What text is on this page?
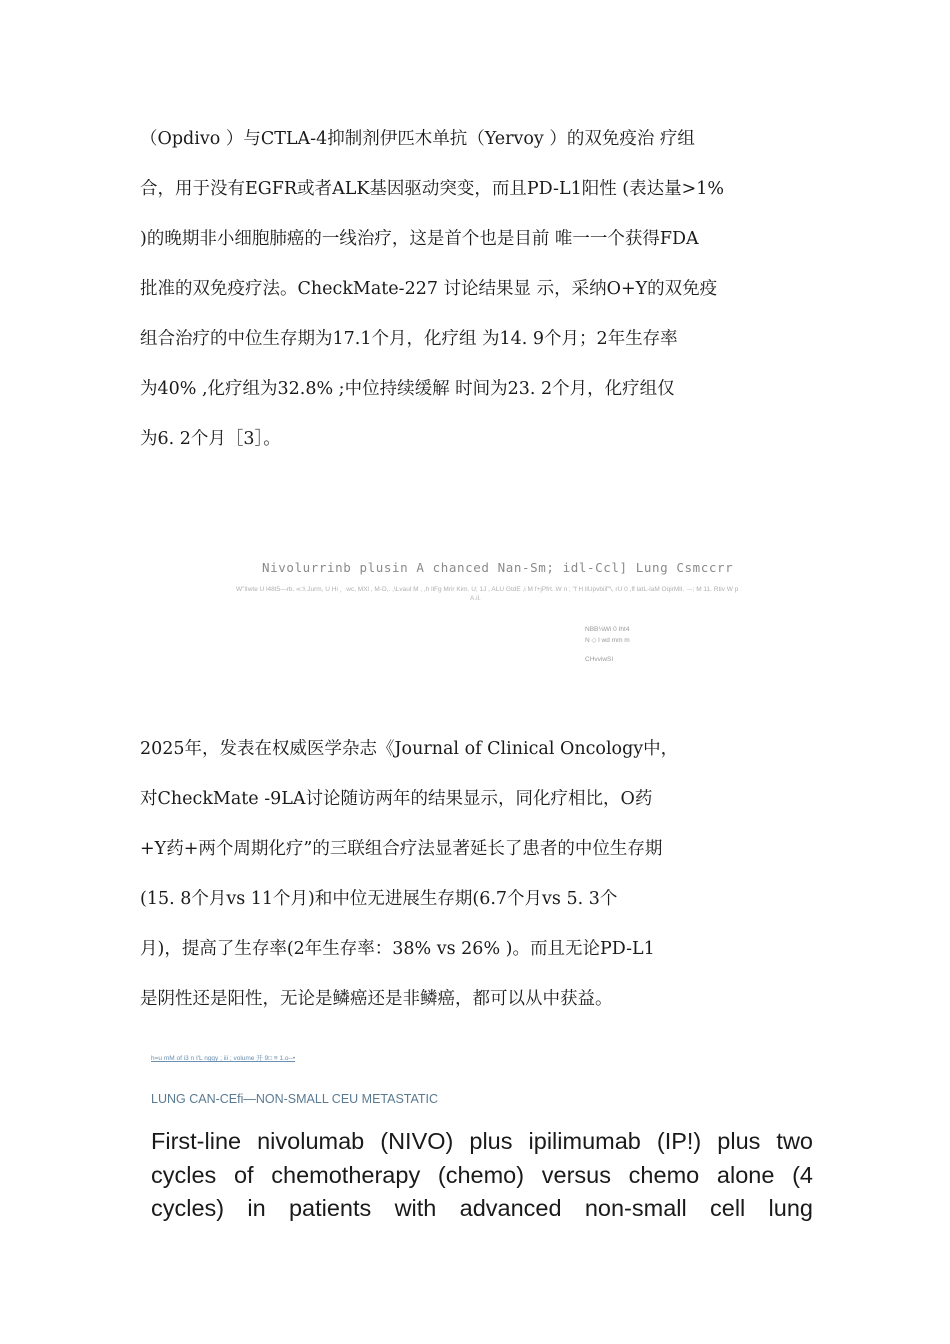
（Opdivo ）与CTLA-4抑制剂伊匹木单抗（Yervoy ）的双免疫治 疗组
合，用于没有EGFR或者ALK基因驱动突变，而且PD-L1阳性 (表达量>1%
)的晚期非小细胞肺癌的一线治疗，这是首个也是目前 唯一一个获得FDA
批准的双免疫疗法。CheckMate-227 讨论结果显 示，采纳O+Y的双免疫
组合治疗的中位生存期为17.1个月，化疗组 为14. 9个月；2年生存率
为40% ,化疗组为32.8% ;中位持续缓解 时间为23. 2个月，化疗组仅
为6. 2个月［3］。
Nivolurrinb plusin A chanced Nan-Sm; idl-Ccl] Lung Csmccrr
W"lIwte U l48t5—rb. «□\ Jurm, U Hi ，wc, MXl , M-D,. ,\Lvaul M , ,h llFg Mrir Kim. U; 1J , ALU GtdE ,i M f+jPfrt. W n ; "f H llUpvbiif"\, rU 0 ,ff latL-laM OqirMlI. ·--; M 11. Rtiv W p
A.il.
NBB⅛Wi 0 Iht4
N ◇ l wd mm m
CHvviwSI
2025年，发表在权威医学杂志《Journal of Clinical Oncology中，
对CheckMate -9LA讨论随访两年的结果显示，同化疗相比，O药
+Y药+两个周期化疗”的三联组合疗法显著延长了患者的中位生存期
(15. 8个月vs 11个月)和中位无进展生存期(6.7个月vs 5. 3个
月)，提高了生存率(2年生存率：38% vs 26% )。而且无论PD-L1
是阴性还是阳性，无论是鳞癌还是非鳞癌，都可以从中获益。
h=u mM of i3 n I'L nggy ; iii ; volume 开 9□ ≡ 1.o--•
LUNG CAN-CEfi—NON-SMALL CEU METASTATIC
First-line nivolumab (NIVO) plus ipilimumab (IP!) plus two
cycles of chemotherapy (chemo) versus chemo alone (4
cycles) in patients with advanced non-small cell lung
